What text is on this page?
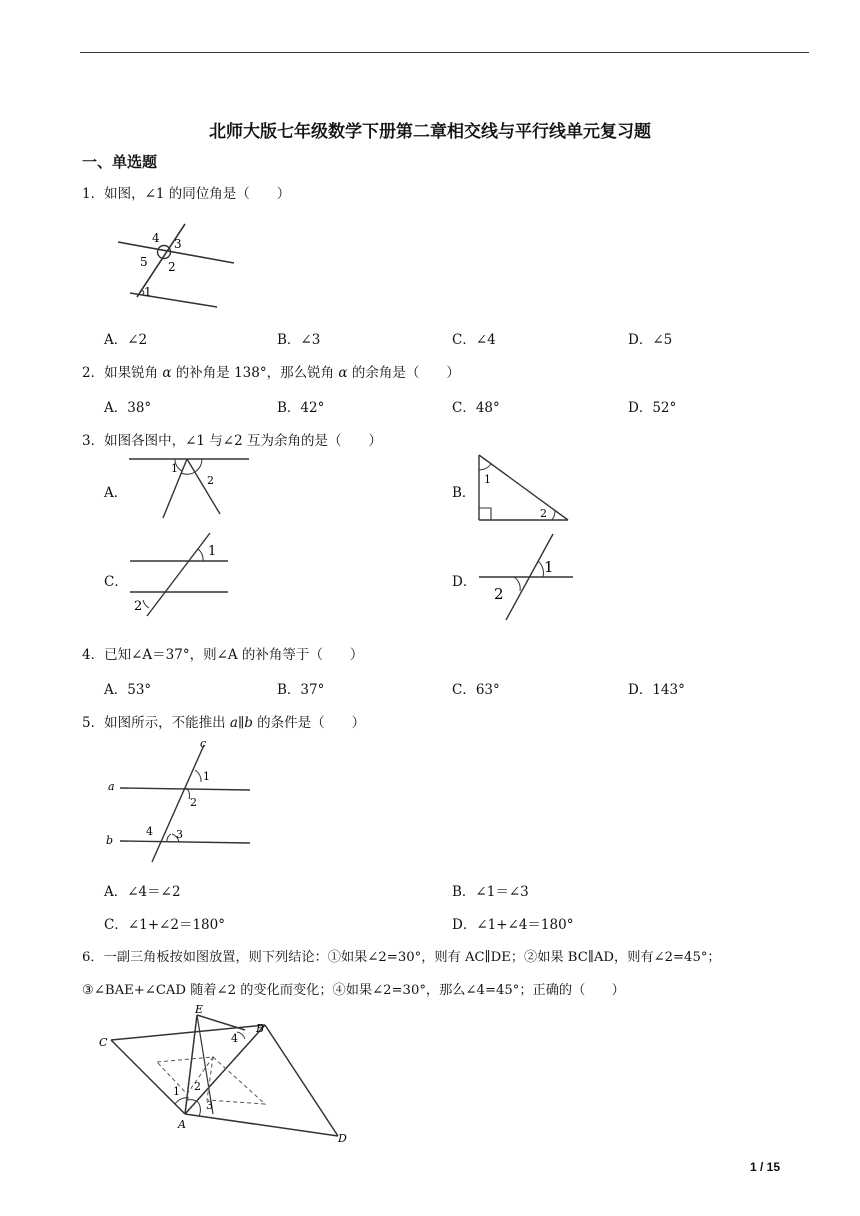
北师大版七年级数学下册第二章相交线与平行线单元复习题
一、单选题
1．如图，∠1 的同位角是（　　）
4 3
5 2
1
A．∠2	B．∠3	C．∠4	D．∠5
2．如果锐角 α 的补角是 138°，那么锐角 α 的余角是（　　）
A．38°	B．42°	C．48°	D．52°
3．如图各图中，∠1 与∠2 互为余角的是（　　）
A．
1
2
B．
1
2
C．
1
2
D．
1
2
4．已知∠A＝37°，则∠A 的补角等于（　　）
A．53°	B．37°	C．63°	D．143°
5．如图所示，不能推出 a∥b 的条件是（　　）
c
a
1
2
b
4 3
A．∠4＝∠2	B．∠1＝∠3
C．∠1+∠2＝180°	D．∠1+∠4＝180°
6．一副三角板按如图放置，则下列结论：①如果∠2=30°，则有 AC∥DE；②如果 BC∥AD，则有∠2=45°；
③∠BAE+∠CAD 随着∠2 的变化而变化；④如果∠2=30°，那么∠4=45°；正确的（　　）
E
B
C	4
1 2
3
A
D
1 / 15
